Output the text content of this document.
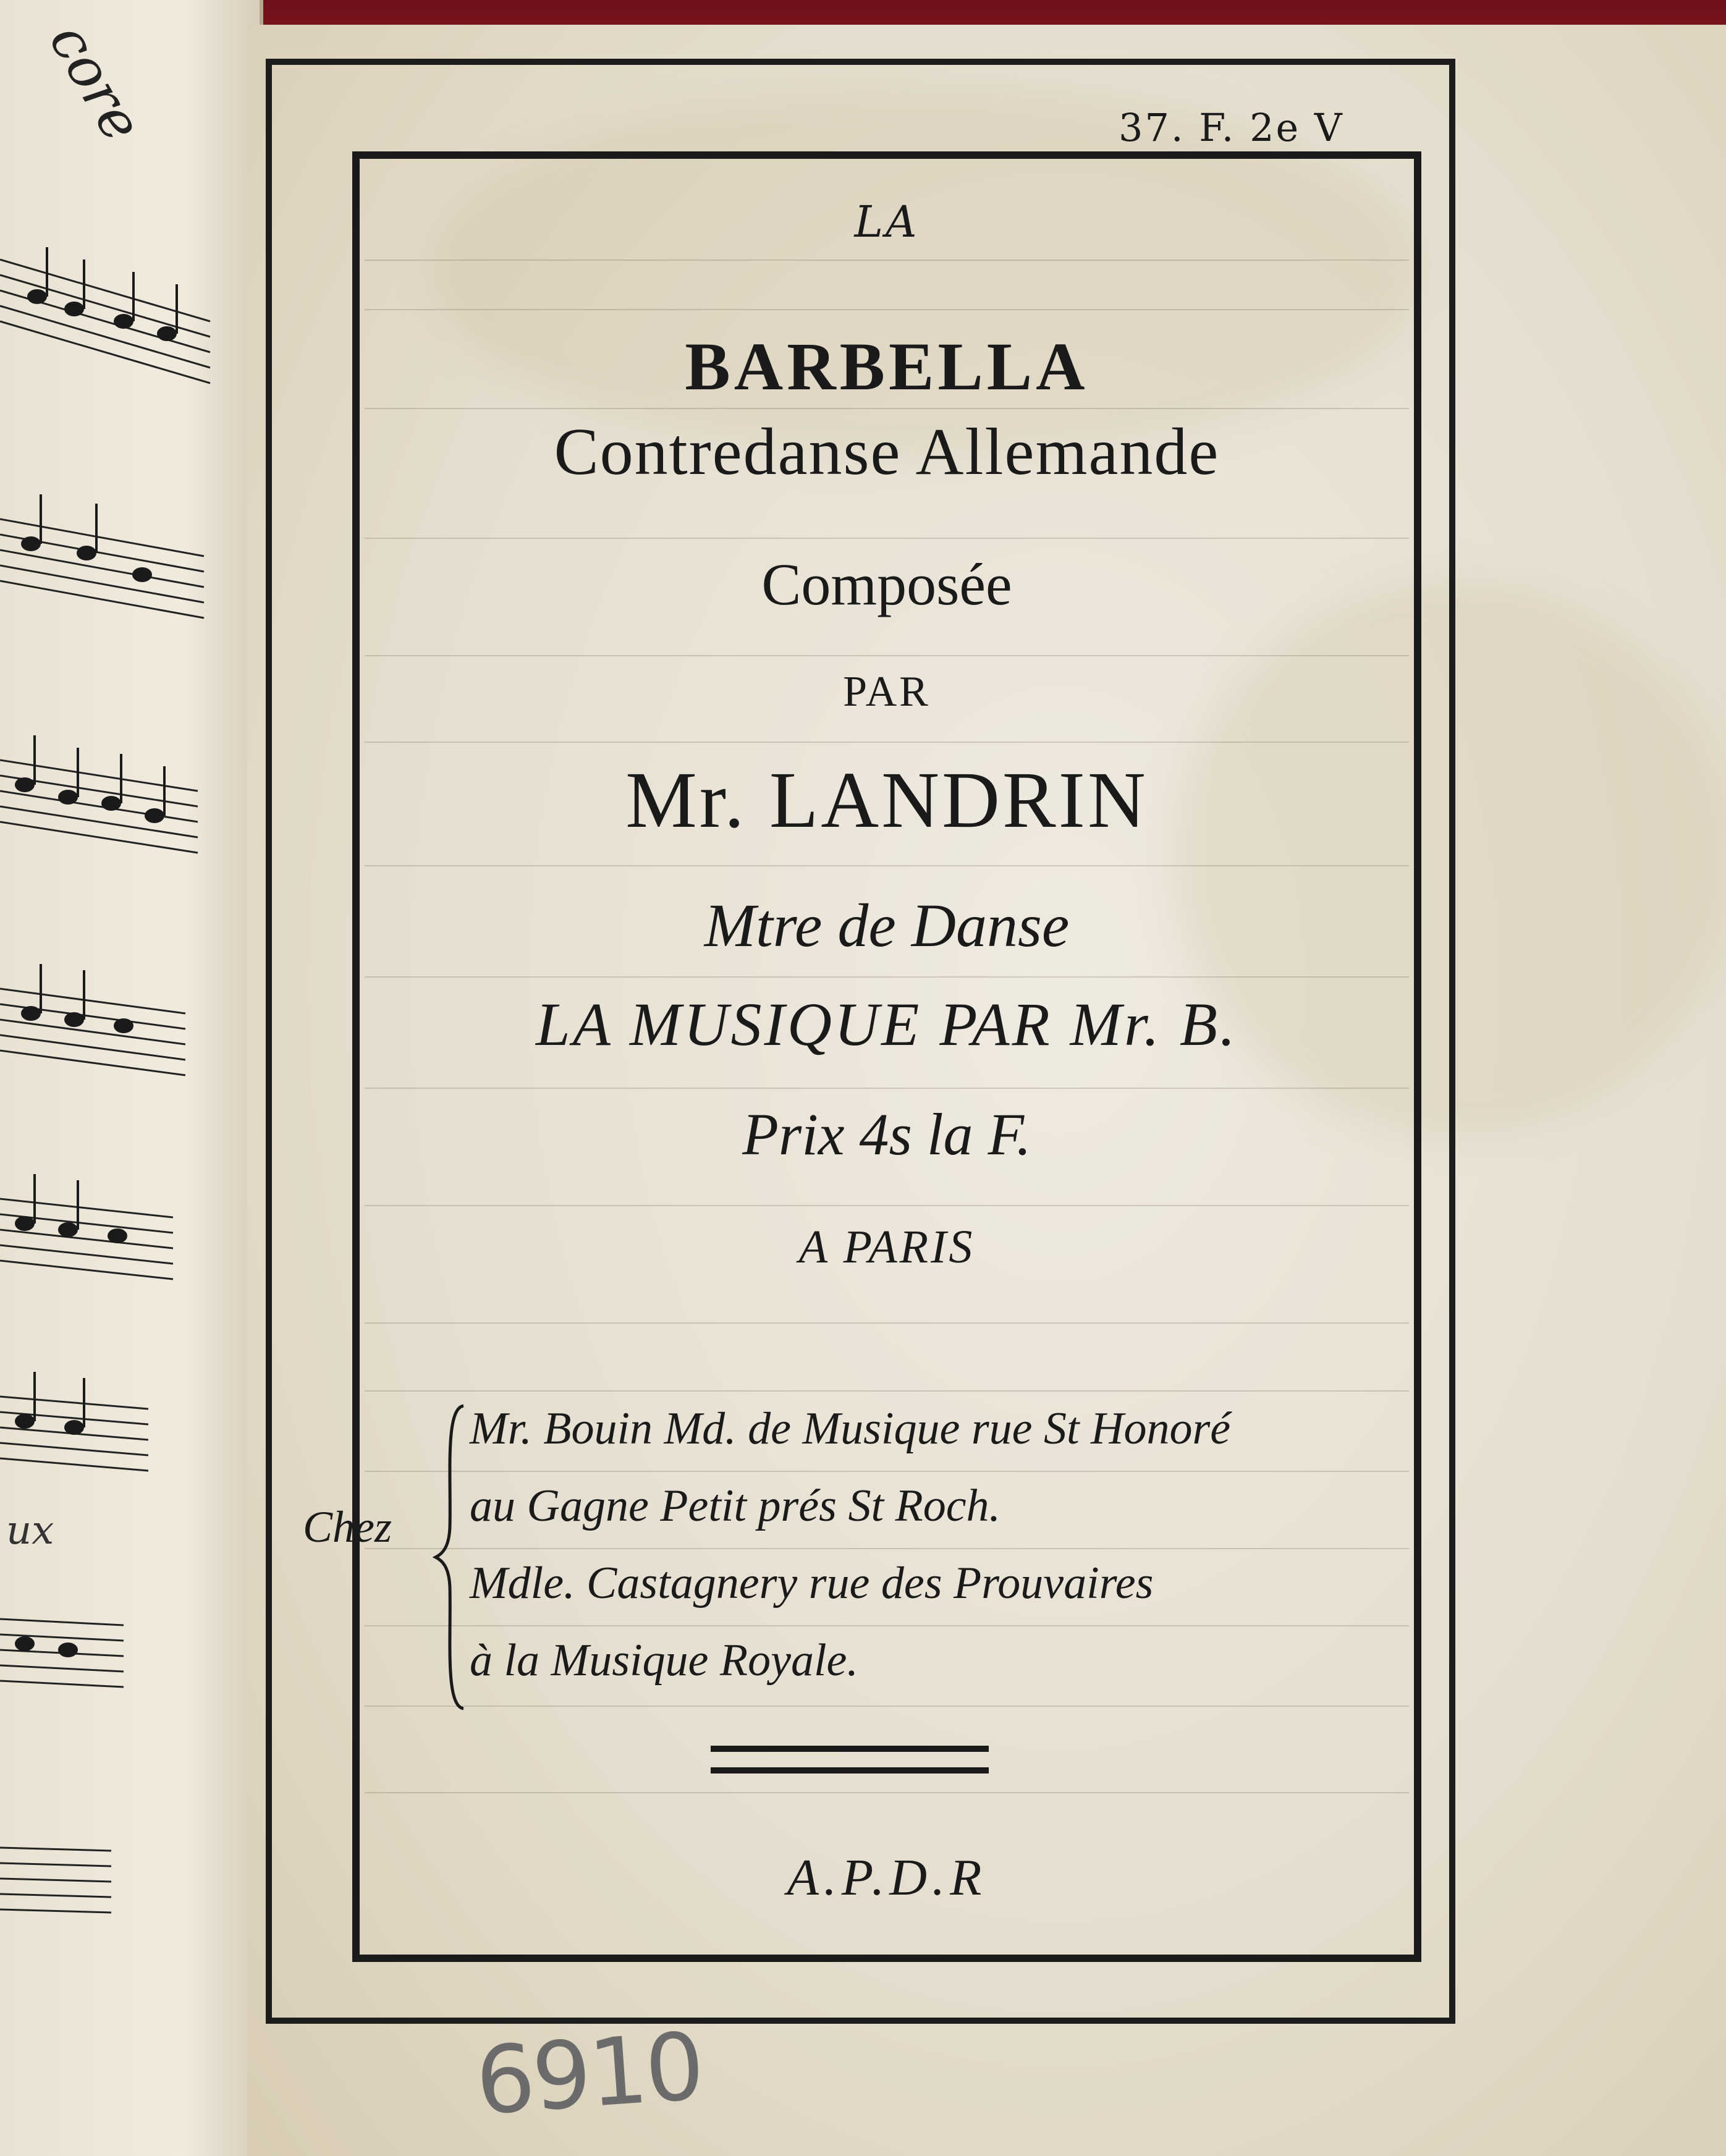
core
ux
37. F. 2e V
LA
BARBELLA
Contredanse Allemande
Composée
PAR
Mr. LANDRIN
Mtre de Danse
LA MUSIQUE PAR Mr. B.
Prix 4s la F.
A PARIS
Chez
Mr. Bouin Md. de Musique rue St Honoré
au Gagne Petit prés St Roch.
Mdle. Castagnery rue des Prouvaires
à la Musique Royale.
A.P.D.R
6910
